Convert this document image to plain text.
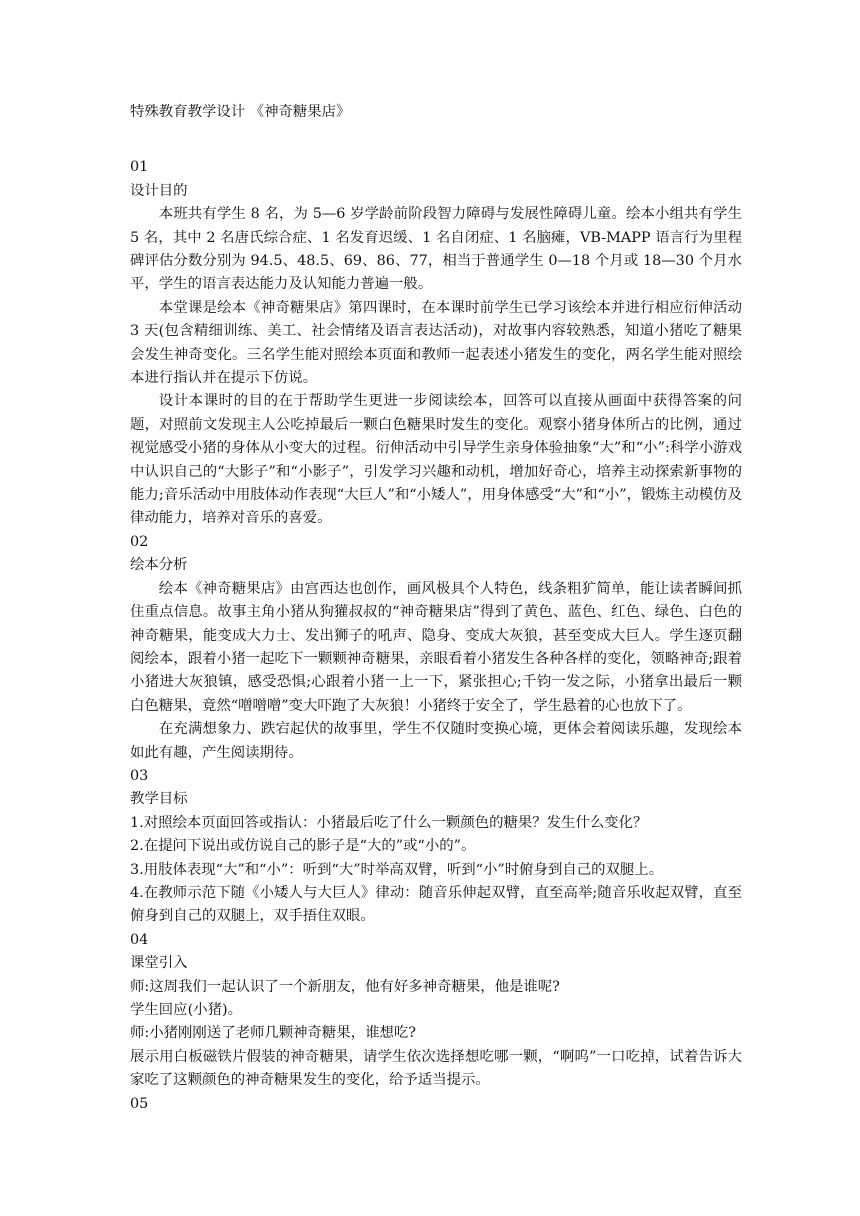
特殊教育教学设计 《神奇糖果店》

01

设计目的

本班共有学生 8 名，为 5—6 岁学龄前阶段智力障碍与发展性障碍儿童。绘本小组共有学生 5 名，其中 2 名唐氏综合症、1 名发育迟缓、1 名自闭症、1 名脑瘫，VB-MAPP 语言行为里程碑评估分数分别为 94.5、48.5、69、86、77，相当于普通学生 0—18 个月或 18—30 个月水平，学生的语言表达能力及认知能力普遍一般。

本堂课是绘本《神奇糖果店》第四课时，在本课时前学生已学习该绘本并进行相应衍伸活动 3 天(包含精细训练、美工、社会情绪及语言表达活动)，对故事内容较熟悉，知道小猪吃了糖果会发生神奇变化。三名学生能对照绘本页面和教师一起表述小猪发生的变化，两名学生能对照绘本进行指认并在提示下仿说。

设计本课时的目的在于帮助学生更进一步阅读绘本，回答可以直接从画面中获得答案的问题，对照前文发现主人公吃掉最后一颗白色糖果时发生的变化。观察小猪身体所占的比例，通过视觉感受小猪的身体从小变大的过程。衍伸活动中引导学生亲身体验抽象“大”和“小”:科学小游戏中认识自己的“大影子”和“小影子”，引发学习兴趣和动机，增加好奇心，培养主动探索新事物的能力;音乐活动中用肢体动作表现“大巨人”和“小矮人”，用身体感受“大”和“小”，锻炼主动模仿及律动能力，培养对音乐的喜爱。

02

绘本分析

绘本《神奇糖果店》由宫西达也创作，画风极具个人特色，线条粗犷简单，能让读者瞬间抓住重点信息。故事主角小猪从狗獾叔叔的“神奇糖果店”得到了黄色、蓝色、红色、绿色、白色的神奇糖果，能变成大力士、发出狮子的吼声、隐身、变成大灰狼，甚至变成大巨人。学生逐页翻阅绘本，跟着小猪一起吃下一颗颗神奇糖果，亲眼看着小猪发生各种各样的变化，领略神奇;跟着小猪进大灰狼镇，感受恐惧;心跟着小猪一上一下，紧张担心;千钧一发之际，小猪拿出最后一颗白色糖果，竟然“噌噌噌”变大吓跑了大灰狼！小猪终于安全了，学生悬着的心也放下了。

在充满想象力、跌宕起伏的故事里，学生不仅随时变换心境，更体会着阅读乐趣，发现绘本如此有趣，产生阅读期待。

03

教学目标

1.对照绘本页面回答或指认：小猪最后吃了什么一颗颜色的糖果？发生什么变化？

2.在提问下说出或仿说自己的影子是“大的”或“小的”。

3.用肢体表现“大”和“小”：听到“大”时举高双臂，听到“小”时俯身到自己的双腿上。

4.在教师示范下随《小矮人与大巨人》律动：随音乐伸起双臂，直至高举;随音乐收起双臂，直至俯身到自己的双腿上，双手捂住双眼。

04

课堂引入

师:这周我们一起认识了一个新朋友，他有好多神奇糖果，他是谁呢?

学生回应(小猪)。

师:小猪刚刚送了老师几颗神奇糖果，谁想吃?

展示用白板磁铁片假装的神奇糖果，请学生依次选择想吃哪一颗，“啊呜”一口吃掉，试着告诉大家吃了这颗颜色的神奇糖果发生的变化，给予适当提示。

05
